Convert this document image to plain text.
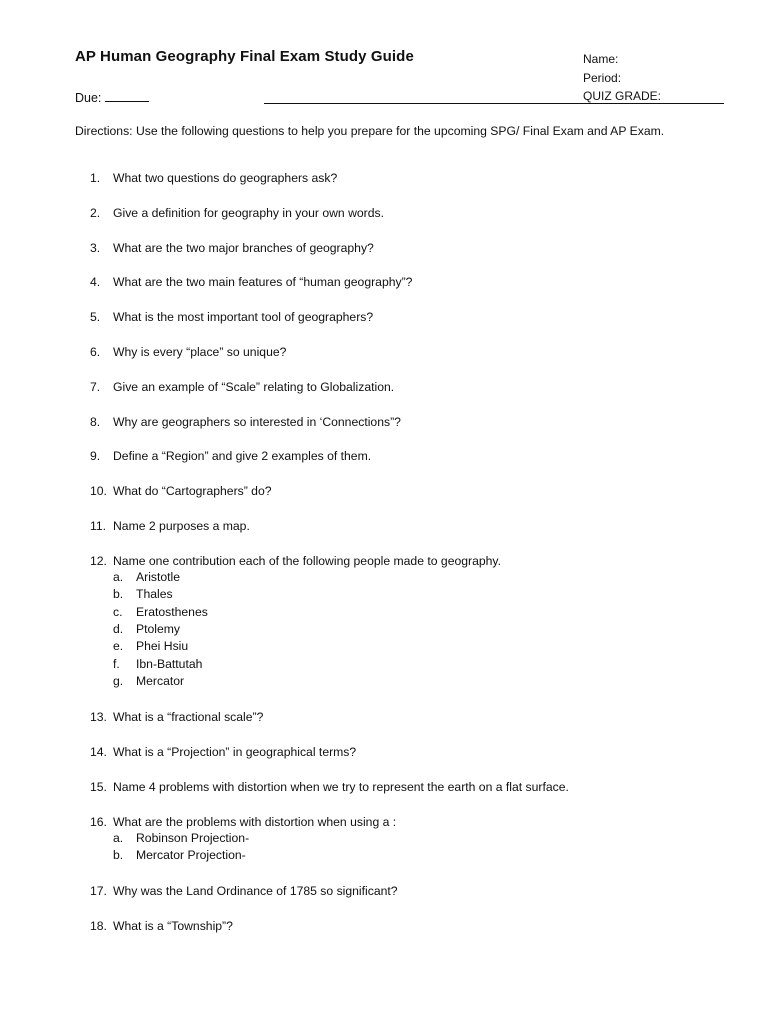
AP Human Geography Final Exam Study Guide	Name:
Period:
QUIZ GRADE:
Due:
Directions: Use the following questions to help you prepare for the upcoming SPG/ Final Exam and AP Exam.
1.	What two questions do geographers ask?
2.	Give a definition for geography in your own words.
3.	What are the two major branches of geography?
4.	What are the two main features of “human geography”?
5.	What is the most important tool of geographers?
6.	Why is every “place” so unique?
7.	Give an example of “Scale” relating to Globalization.
8.	Why are geographers so interested in ‘Connections”?
9.	Define a “Region” and give 2 examples of them.
10. What do “Cartographers” do?
11. Name 2 purposes a map.
12. Name one contribution each of the following people made to geography.
a. Aristotle
b. Thales
c. Eratosthenes
d. Ptolemy
e. Phei Hsiu
f. Ibn-Battutah
g. Mercator
13. What is a “fractional scale”?
14. What is a “Projection” in geographical terms?
15. Name 4 problems with distortion when we try to represent the earth on a flat surface.
16. What are the problems with distortion when using a :
a. Robinson Projection-
b. Mercator Projection-
17. Why was the Land Ordinance of 1785 so significant?
18. What is a “Township”?
